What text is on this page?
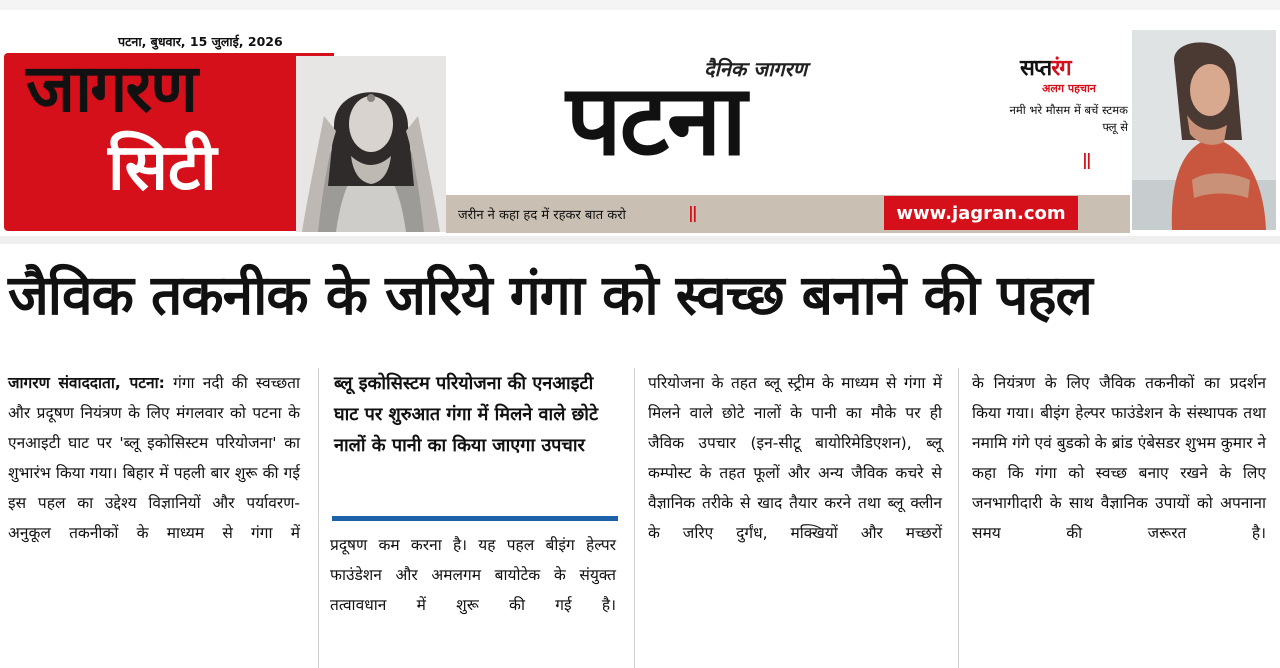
पटना, बुधवार, 15 जुलाई, 2026
जागरण
सिटी
दैनिक जागरण
पटना
जरीन ने कहा हद में रहकर बात करो	||	www.jagran.com
सप्तरंग
अलग पहचान
नमी भरे मौसम में बचें स्टमक फ्लू से
||
जैविक तकनीक के जरिये गंगा को स्वच्छ बनाने की पहल

जागरण संवाददाता, पटना: गंगा नदी की स्वच्छता और प्रदूषण नियंत्रण के लिए मंगलवार को पटना के एनआइटी घाट पर 'ब्लू इकोसिस्टम परियोजना' का शुभारंभ किया गया। बिहार में पहली बार शुरू की गई इस पहल का उद्देश्य विज्ञानियों और पर्यावरण-अनुकूल तकनीकों के माध्यम से गंगा में

ब्लू इकोसिस्टम परियोजना की एनआइटी घाट पर शुरुआत गंगा में मिलने वाले छोटे नालों के पानी का किया जाएगा उपचार

प्रदूषण कम करना है। यह पहल बीइंग हेल्पर फाउंडेशन और अमलगम बायोटेक के संयुक्त तत्वावधान में शुरू की गई है।

परियोजना के तहत ब्लू स्ट्रीम के माध्यम से गंगा में मिलने वाले छोटे नालों के पानी का मौके पर ही जैविक उपचार (इन-सीटू बायोरिमेडिएशन), ब्लू कम्पोस्ट के तहत फूलों और अन्य जैविक कचरे से वैज्ञानिक तरीके से खाद तैयार करने तथा ब्लू क्लीन के जरिए दुर्गंध, मक्खियों और मच्छरों

के नियंत्रण के लिए जैविक तकनीकों का प्रदर्शन किया गया। बीइंग हेल्पर फाउंडेशन के संस्थापक तथा नमामि गंगे एवं बुडको के ब्रांड एंबेसडर शुभम कुमार ने कहा कि गंगा को स्वच्छ बनाए रखने के लिए जनभागीदारी के साथ वैज्ञानिक उपायों को अपनाना समय की जरूरत है।
